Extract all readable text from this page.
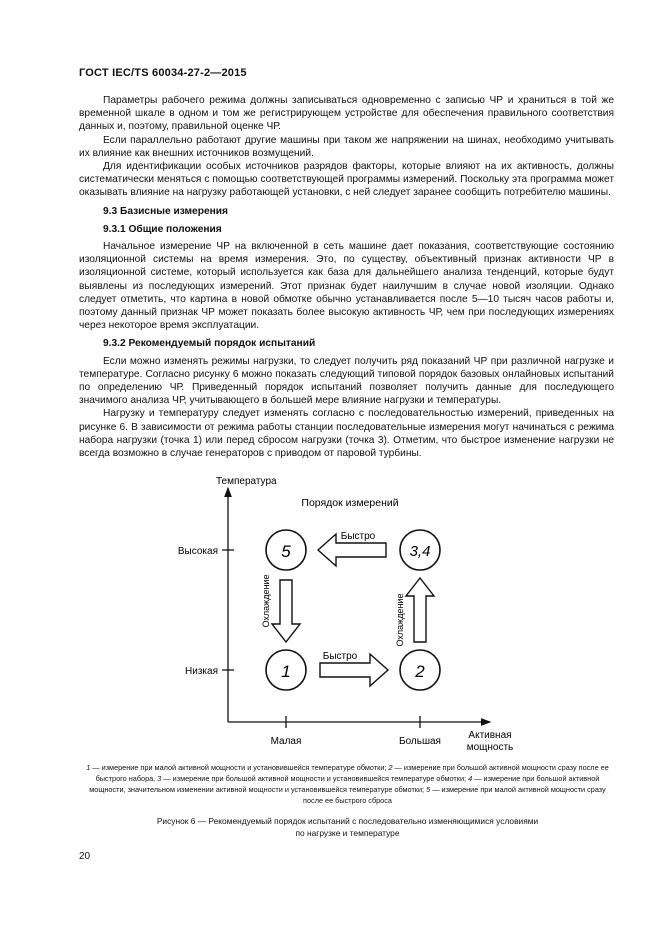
ГОСТ IEC/TS 60034-27-2—2015

Параметры рабочего режима должны записываться одновременно с записью ЧР и храниться в той же временной шкале в одном и том же регистрирующем устройстве для обеспечения правильного соответствия данных и, поэтому, правильной оценке ЧР.

Если параллельно работают другие машины при таком же напряжении на шинах, необходимо учитывать их влияние как внешних источников возмущений.

Для идентификации особых источников разрядов факторы, которые влияют на их активность, должны систематически меняться с помощью соответствующей программы измерений. Поскольку эта программа может оказывать влияние на нагрузку работающей установки, с ней следует заранее сообщить потребителю машины.

9.3 Базисные измерения
9.3.1 Общие положения

Начальное измерение ЧР на включенной в сеть машине дает показания, соответствующие состоянию изоляционной системы на время измерения. Это, по существу, объективный признак активности ЧР в изоляционной системе, который используется как база для дальнейшего анализа тенденций, которые будут выявлены из последующих измерений. Этот признак будет наилучшим в случае новой изоляции. Однако следует отметить, что картина в новой обмотке обычно устанавливается после 5—10 тысяч часов работы и, поэтому данный признак ЧР может показать более высокую активность ЧР, чем при последующих измерениях через некоторое время эксплуатации.

9.3.2 Рекомендуемый порядок испытаний

Если можно изменять режимы нагрузки, то следует получить ряд показаний ЧР при различной нагрузке и температуре. Согласно рисунку 6 можно показать следующий типовой порядок базовых онлайновых испытаний по определению ЧР. Приведенный порядок испытаний позволяет получить данные для последующего значимого анализа ЧР, учитывающего в большей мере влияние нагрузки и температуры.

Нагрузку и температуру следует изменять согласно с последовательностью измерений, приведенных на рисунке 6. В зависимости от режима работы станции последовательные измерения могут начинаться с режима набора нагрузки (точка 1) или перед сбросом нагрузки (точка 3). Отметим, что быстрое изменение нагрузки не всегда возможно в случае генераторов с приводом от паровой турбины.

Температура
Порядок измерений
Высокая
Низкая
Малая	Большая
Активная
мощность
5	3,4
1	2
Быстро
Быстро
Охлаждение	Охлаждение
1 — измерение при малой активной мощности и установившейся температуре обмотки; 2 — измерение при большой активной мощности сразу после ее быстрого набора, 3 — измерение при большой активной мощности и установившейся температуре обмотки; 4 — измерение при большой активной мощности, значительном изменении активной мощности и установившейся температуре обмотки; 5 — измерение при малой активной мощности сразу после ее быстрого сброса
Рисунок 6 — Рекомендуемый порядок испытаний с последовательно изменяющимися условиями
по нагрузке и температуре
20
